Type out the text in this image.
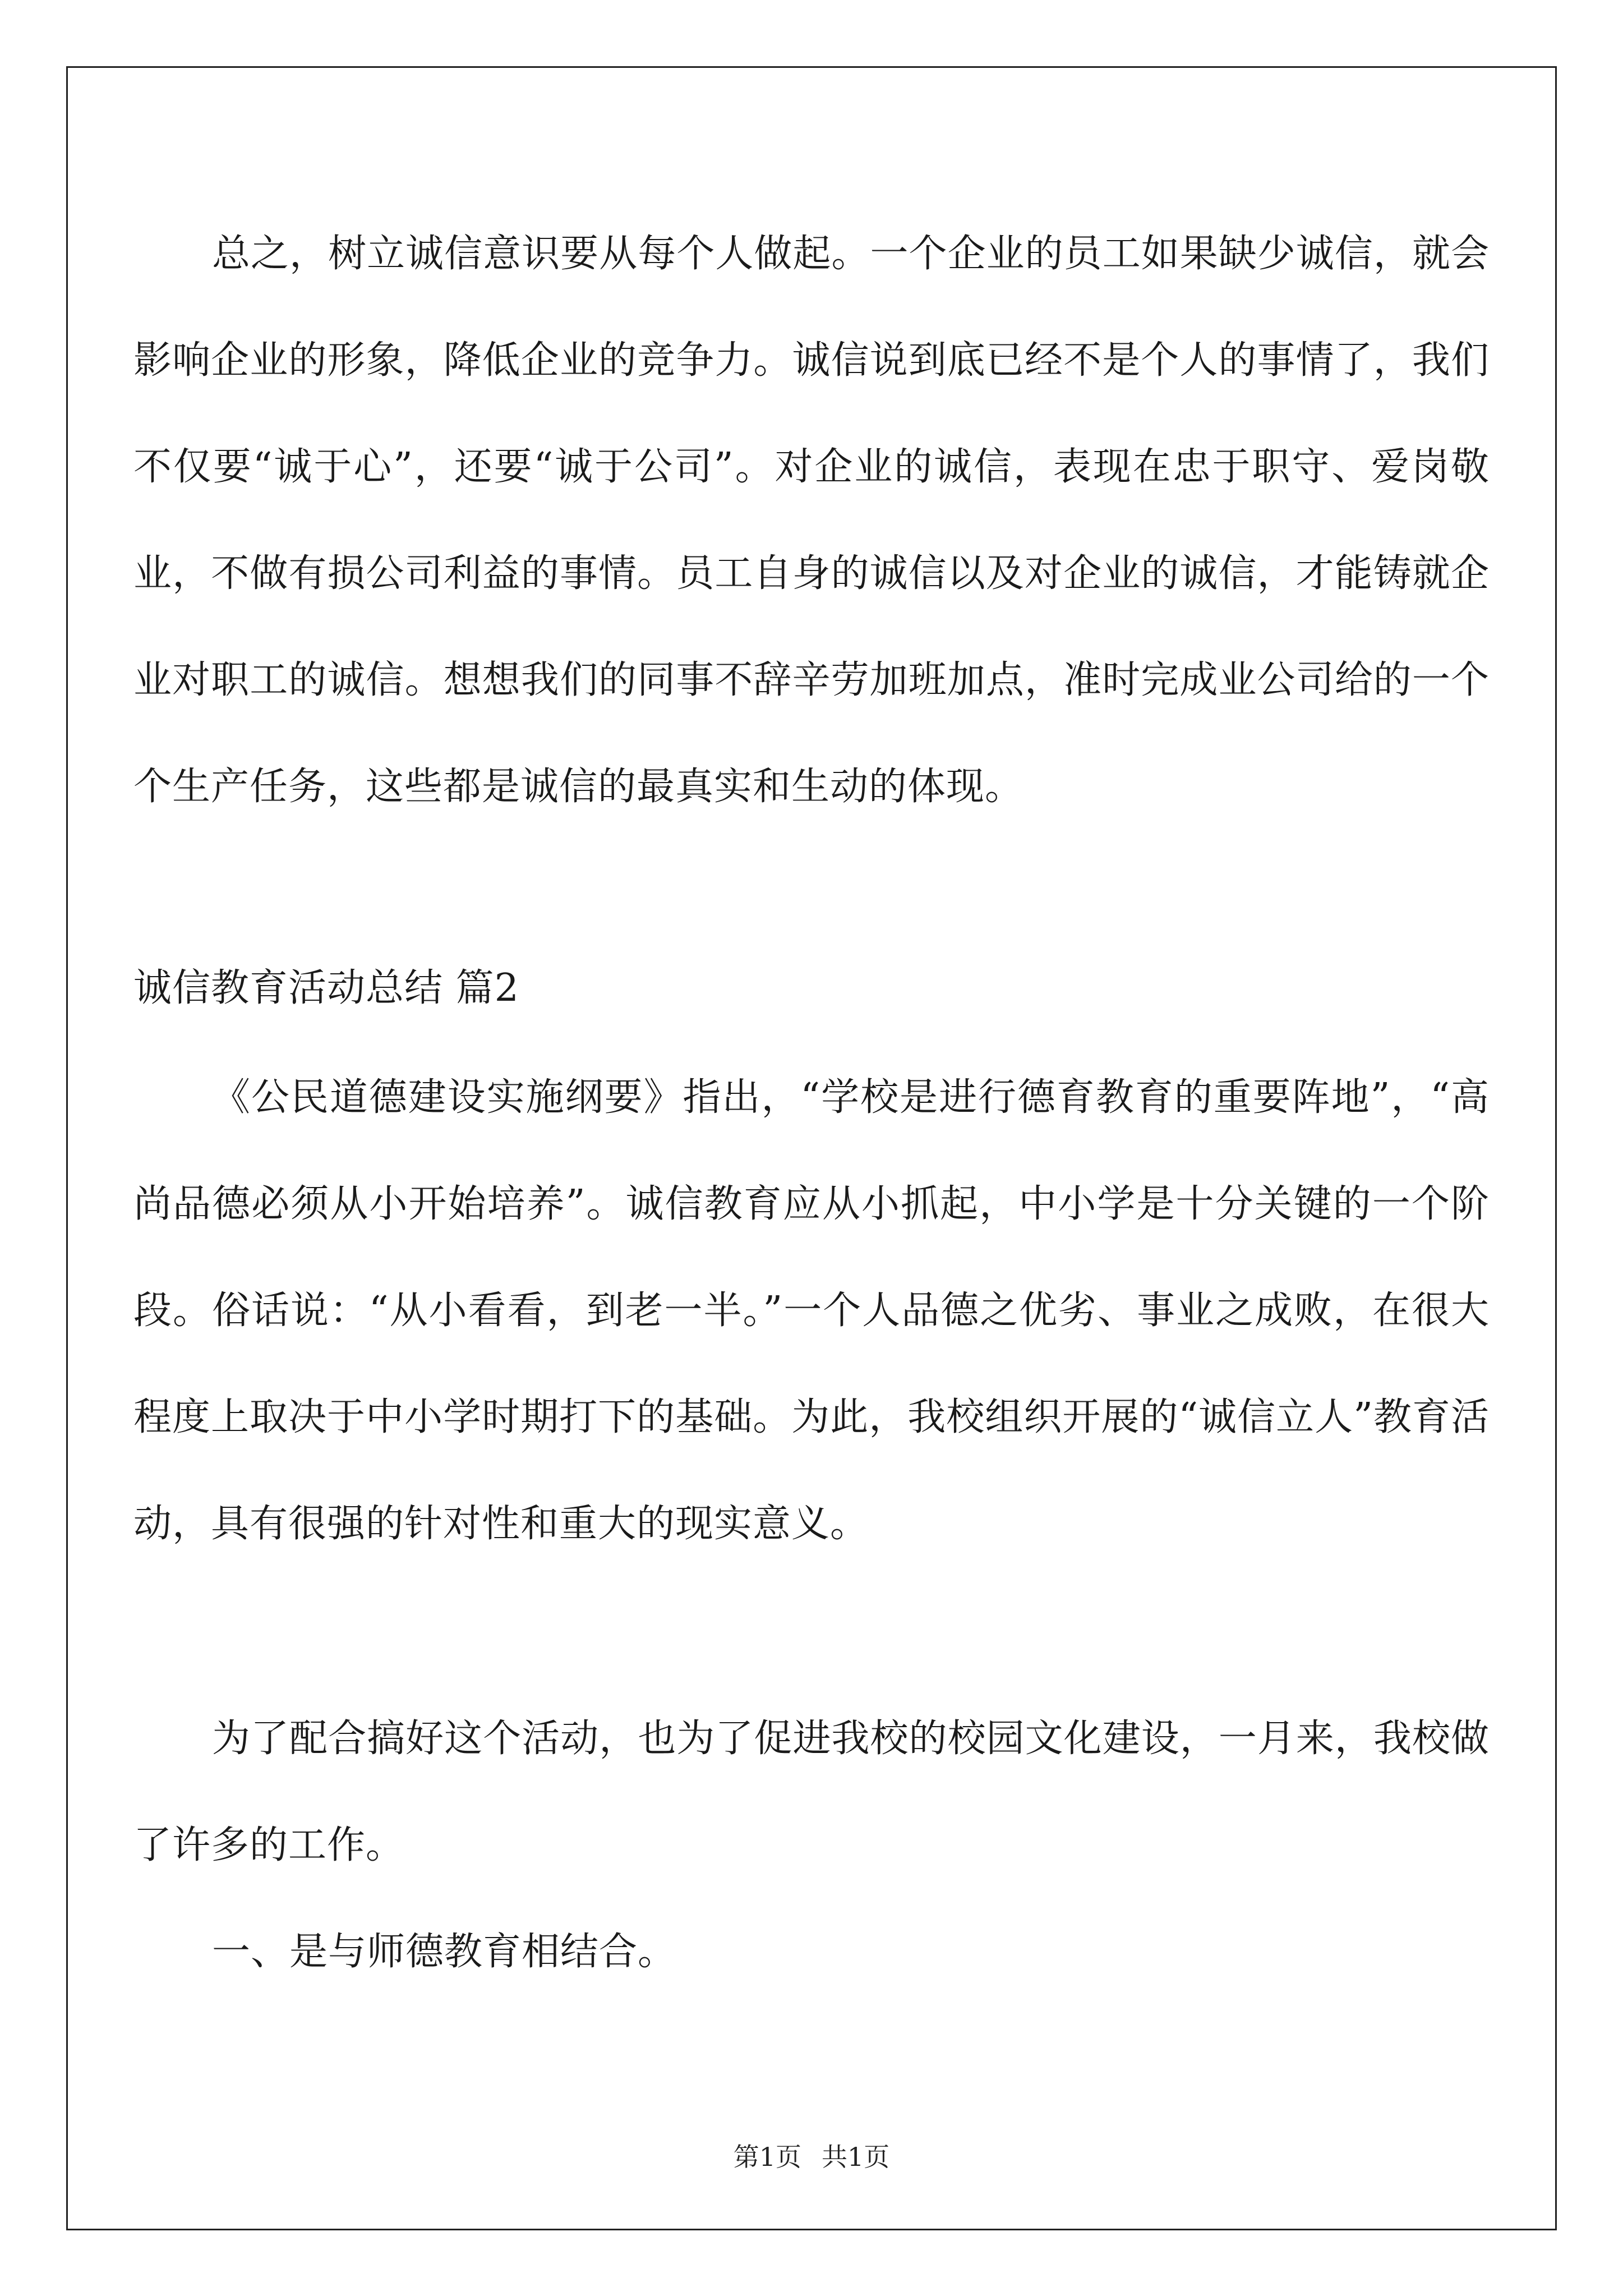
总之，树立诚信意识要从每个人做起。一个企业的员工如果缺少诚信，就会影响企业的形象，降低企业的竞争力。诚信说到底已经不是个人的事情了，我们不仅要“诚于心”，还要“诚于公司”。对企业的诚信，表现在忠于职守、爱岗敬业，不做有损公司利益的事情。员工自身的诚信以及对企业的诚信，才能铸就企业对职工的诚信。想想我们的同事不辞辛劳加班加点，准时完成业公司给的一个个生产任务，这些都是诚信的最真实和生动的体现。

诚信教育活动总结 篇2

《公民道德建设实施纲要》指出，“学校是进行德育教育的重要阵地”，“高尚品德必须从小开始培养”。诚信教育应从小抓起，中小学是十分关键的一个阶段。俗话说：“从小看看，到老一半。”一个人品德之优劣、事业之成败，在很大程度上取决于中小学时期打下的基础。为此，我校组织开展的“诚信立人”教育活动，具有很强的针对性和重大的现实意义。

为了配合搞好这个活动，也为了促进我校的校园文化建设，一月来，我校做了许多的工作。

一、是与师德教育相结合。

第1页 共1页
